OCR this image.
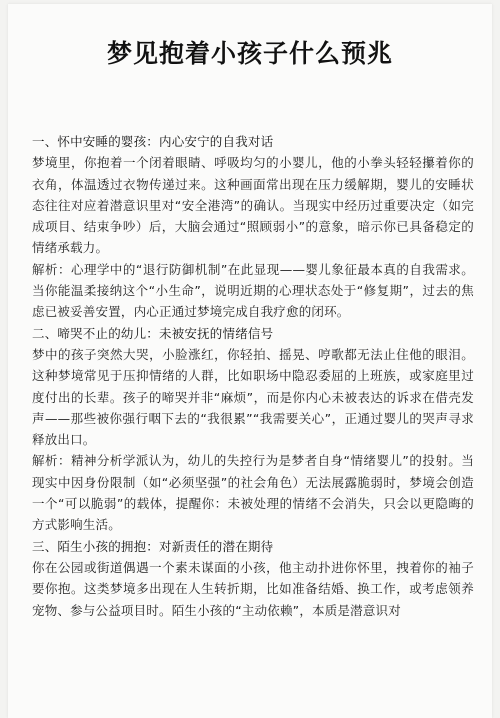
梦见抱着小孩子什么预兆

一、怀中安睡的婴孩：内心安宁的自我对话

梦境里，你抱着一个闭着眼睛、呼吸均匀的小婴儿，他的小拳头轻轻攥着你的衣角，体温透过衣物传递过来。这种画面常出现在压力缓解期，婴儿的安睡状态往往对应着潜意识里对“安全港湾”的确认。当现实中经历过重要决定（如完成项目、结束争吵）后，大脑会通过“照顾弱小”的意象，暗示你已具备稳定的情绪承载力。

解析：心理学中的“退行防御机制”在此显现——婴儿象征最本真的自我需求。当你能温柔接纳这个“小生命”，说明近期的心理状态处于“修复期”，过去的焦虑已被妥善安置，内心正通过梦境完成自我疗愈的闭环。

二、啼哭不止的幼儿：未被安抚的情绪信号

梦中的孩子突然大哭，小脸涨红，你轻拍、摇晃、哼歌都无法止住他的眼泪。这种梦境常见于压抑情绪的人群，比如职场中隐忍委屈的上班族，或家庭里过度付出的长辈。孩子的啼哭并非“麻烦”，而是你内心未被表达的诉求在借壳发声——那些被你强行咽下去的“我很累”“我需要关心”，正通过婴儿的哭声寻求释放出口。

解析：精神分析学派认为，幼儿的失控行为是梦者自身“情绪婴儿”的投射。当现实中因身份限制（如“必须坚强”的社会角色）无法展露脆弱时，梦境会创造一个“可以脆弱”的载体，提醒你：未被处理的情绪不会消失，只会以更隐晦的方式影响生活。

三、陌生小孩的拥抱：对新责任的潜在期待

你在公园或街道偶遇一个素未谋面的小孩，他主动扑进你怀里，拽着你的袖子要你抱。这类梦境多出现在人生转折期，比如准备结婚、换工作，或考虑领养宠物、参与公益项目时。陌生小孩的“主动依赖”，本质是潜意识对
